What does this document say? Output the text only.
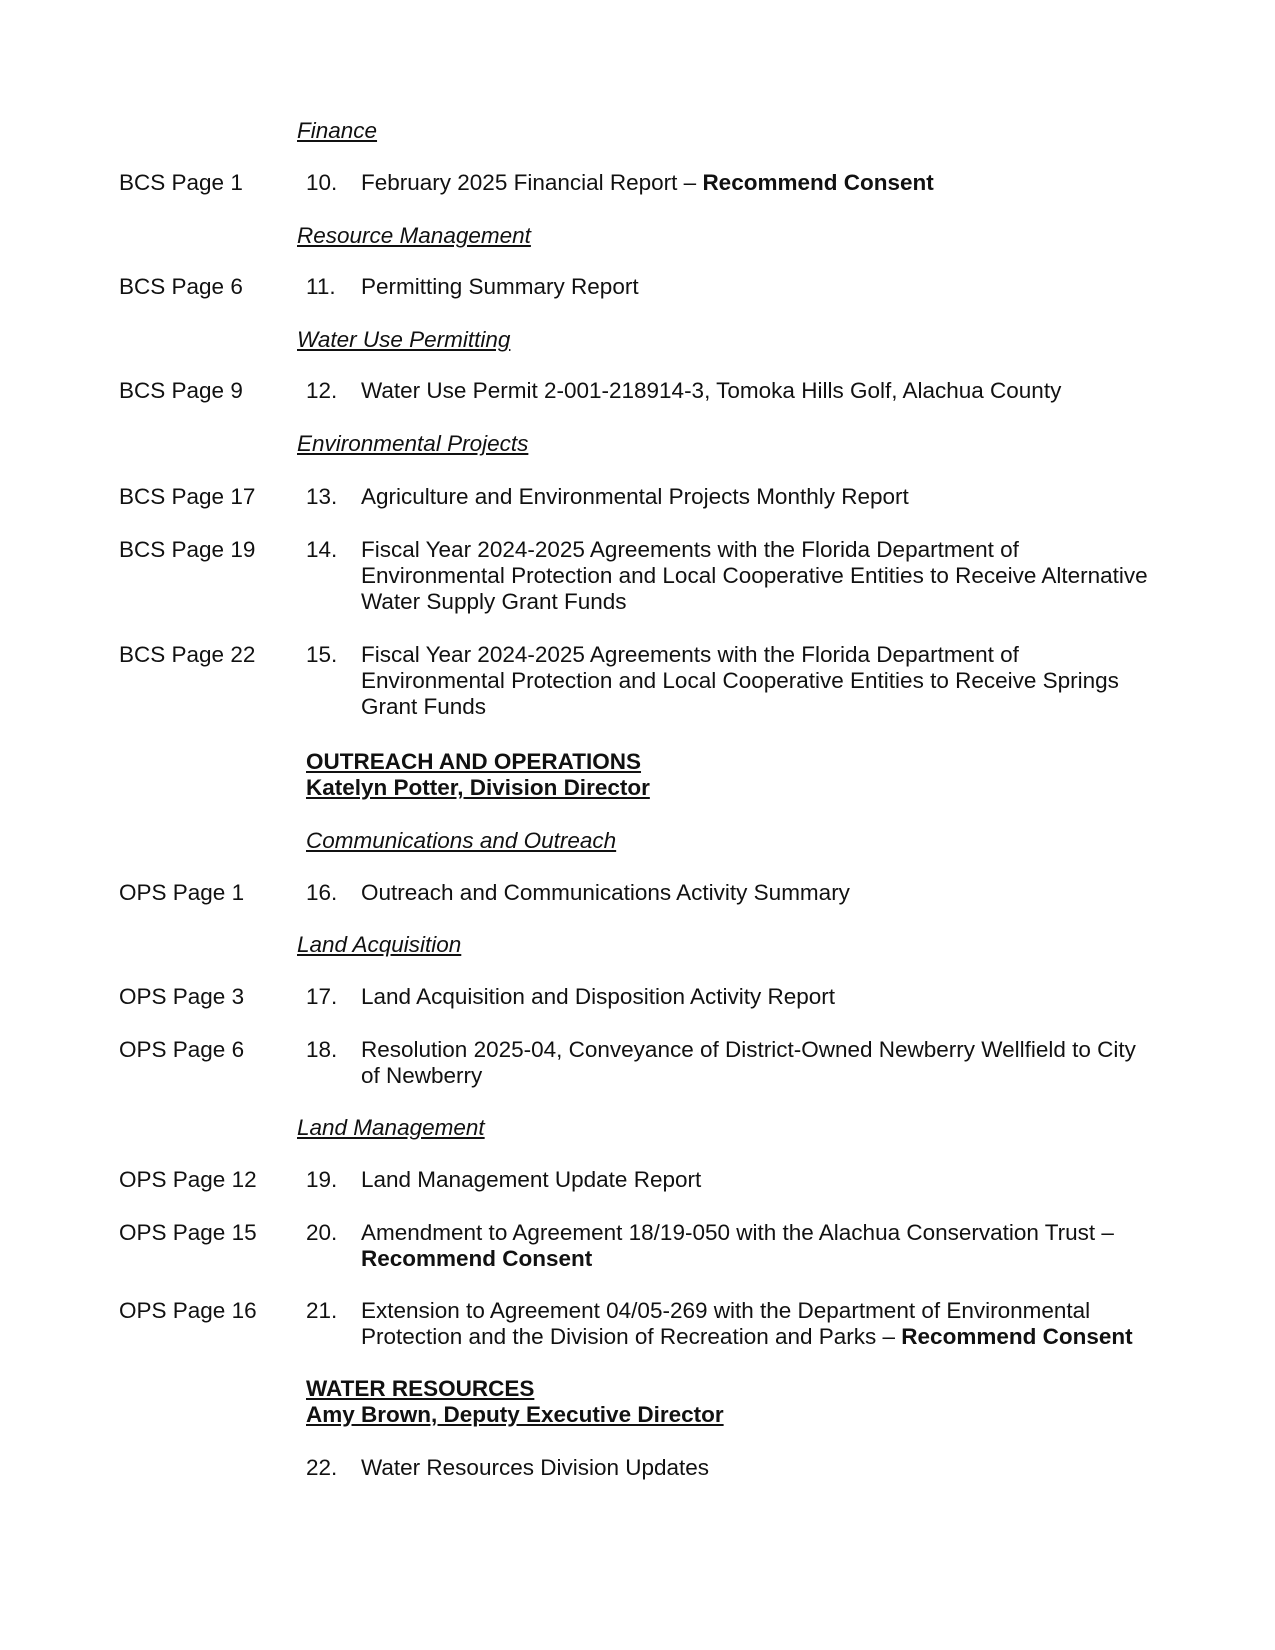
Finance
BCS Page 1	10. February 2025 Financial Report – Recommend Consent
Resource Management
BCS Page 6	11. Permitting Summary Report
Water Use Permitting
BCS Page 9	12. Water Use Permit 2-001-218914-3, Tomoka Hills Golf, Alachua County
Environmental Projects
BCS Page 17 13. Agriculture and Environmental Projects Monthly Report
BCS Page 19 14. Fiscal Year 2024-2025 Agreements with the Florida Department of
Environmental Protection and Local Cooperative Entities to Receive Alternative
Water Supply Grant Funds
BCS Page 22 15. Fiscal Year 2024-2025 Agreements with the Florida Department of
Environmental Protection and Local Cooperative Entities to Receive Springs
Grant Funds
OUTREACH AND OPERATIONS
Katelyn Potter, Division Director
Communications and Outreach
OPS Page 1	16. Outreach and Communications Activity Summary
Land Acquisition
OPS Page 3	17. Land Acquisition and Disposition Activity Report
OPS Page 6	18. Resolution 2025-04, Conveyance of District-Owned Newberry Wellfield to City
of Newberry
Land Management
OPS Page 12 19. Land Management Update Report
OPS Page 15 20. Amendment to Agreement 18/19-050 with the Alachua Conservation Trust –
Recommend Consent
OPS Page 16 21. Extension to Agreement 04/05-269 with the Department of Environmental
Protection and the Division of Recreation and Parks – Recommend Consent
WATER RESOURCES
Amy Brown, Deputy Executive Director
22. Water Resources Division Updates
